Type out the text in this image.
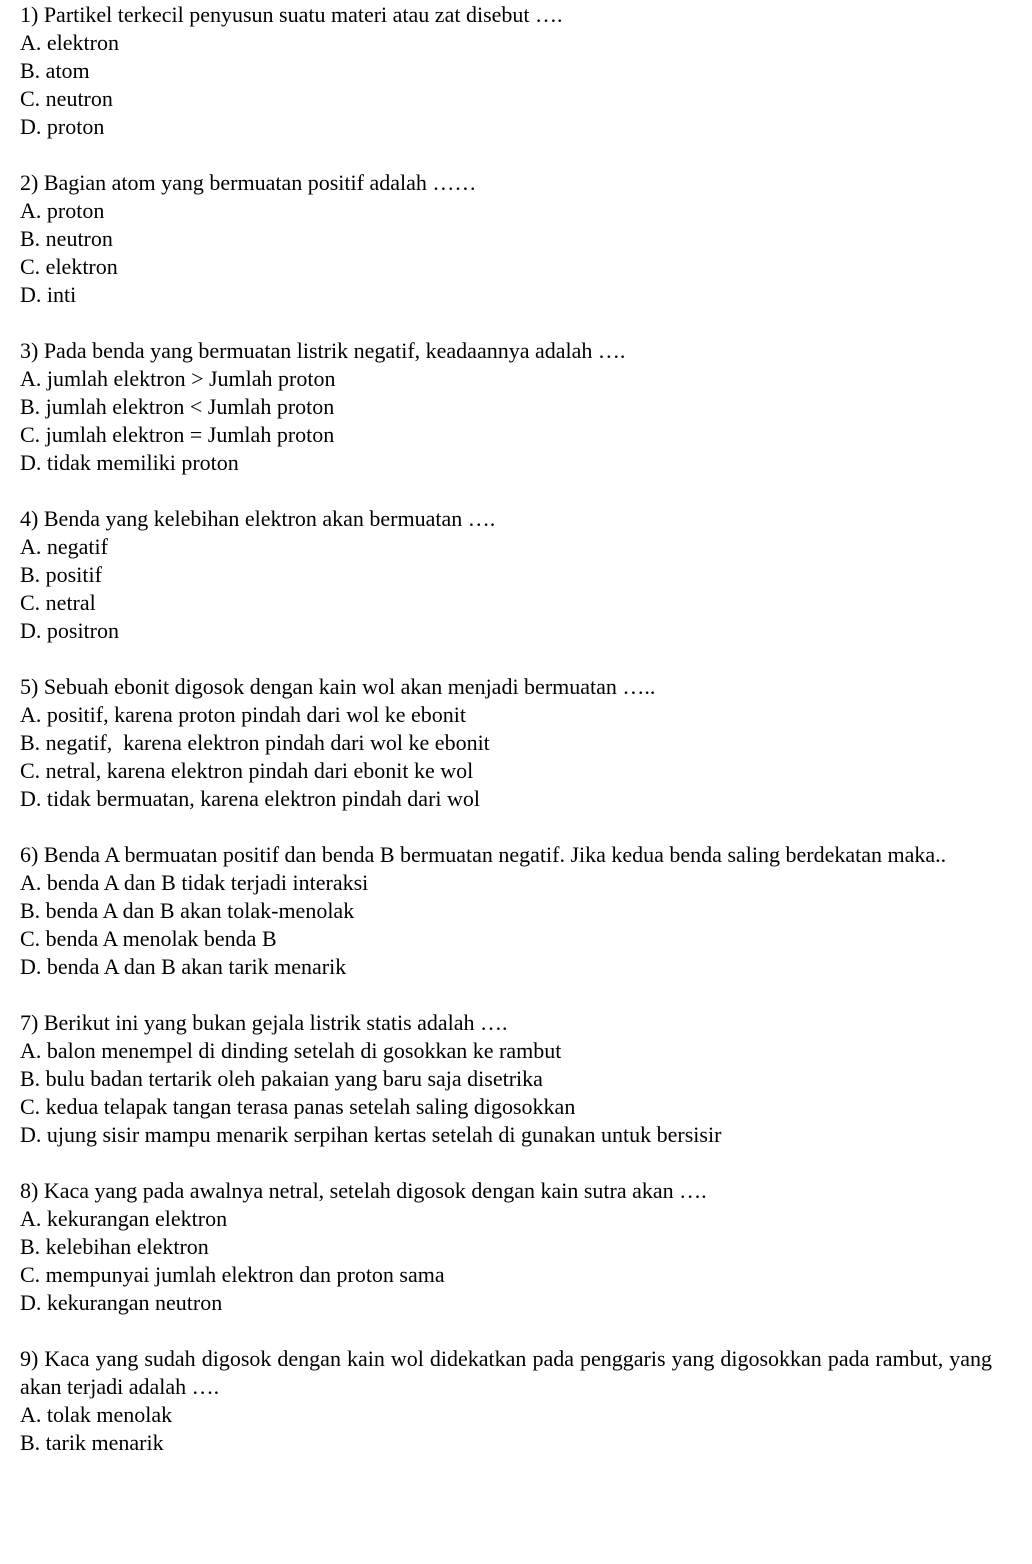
1) Partikel terkecil penyusun suatu materi atau zat disebut ….

A. elektron

B. atom

C. neutron

D. proton

2) Bagian atom yang bermuatan positif adalah ……

A. proton

B. neutron

C. elektron

D. inti

3) Pada benda yang bermuatan listrik negatif, keadaannya adalah ….

A. jumlah elektron > Jumlah proton

B. jumlah elektron < Jumlah proton

C. jumlah elektron = Jumlah proton

D. tidak memiliki proton

4) Benda yang kelebihan elektron akan bermuatan ….

A. negatif

B. positif

C. netral

D. positron

5) Sebuah ebonit digosok dengan kain wol akan menjadi bermuatan …..

A. positif, karena proton pindah dari wol ke ebonit

B. negatif,  karena elektron pindah dari wol ke ebonit

C. netral, karena elektron pindah dari ebonit ke wol

D. tidak bermuatan, karena elektron pindah dari wol

6) Benda A bermuatan positif dan benda B bermuatan negatif. Jika kedua benda saling berdekatan maka..

A. benda A dan B tidak terjadi interaksi

B. benda A dan B akan tolak-menolak

C. benda A menolak benda B

D. benda A dan B akan tarik menarik

7) Berikut ini yang bukan gejala listrik statis adalah ….

A. balon menempel di dinding setelah di gosokkan ke rambut

B. bulu badan tertarik oleh pakaian yang baru saja disetrika

C. kedua telapak tangan terasa panas setelah saling digosokkan

D. ujung sisir mampu menarik serpihan kertas setelah di gunakan untuk bersisir

8) Kaca yang pada awalnya netral, setelah digosok dengan kain sutra akan ….

A. kekurangan elektron

B. kelebihan elektron

C. mempunyai jumlah elektron dan proton sama

D. kekurangan neutron

9) Kaca yang sudah digosok dengan kain wol didekatkan pada penggaris yang digosokkan pada rambut, yang akan terjadi adalah ….

A. tolak menolak

B. tarik menarik
